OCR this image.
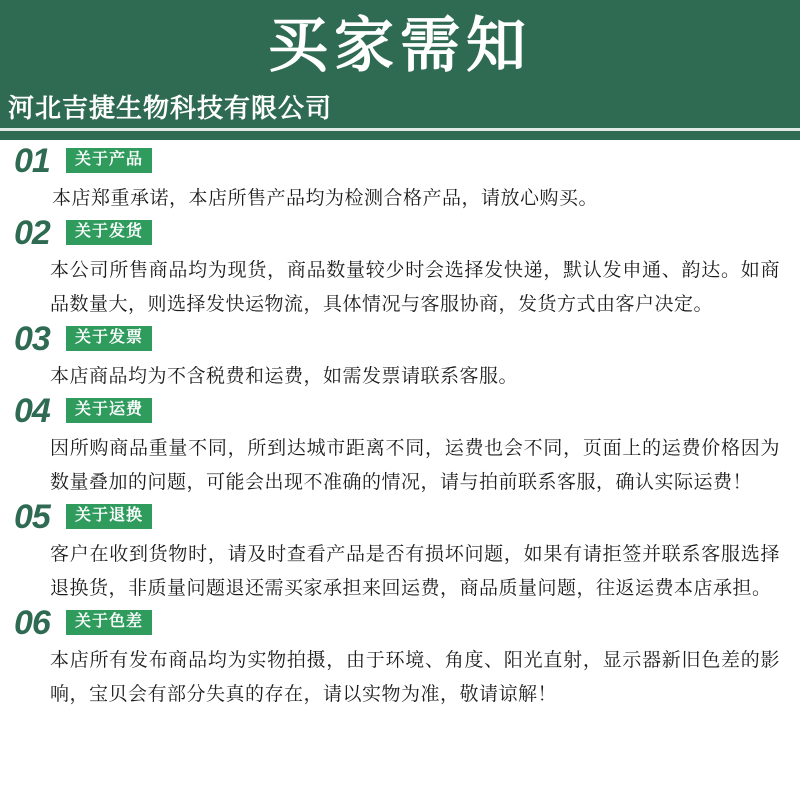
买家需知
河北吉捷生物科技有限公司
01	关于产品
本店郑重承诺，本店所售产品均为检测合格产品，请放心购买。
02	关于发货
本公司所售商品均为现货，商品数量较少时会选择发快递，默认发申通、韵达。如商品数量大，则选择发快运物流，具体情况与客服协商，发货方式由客户决定。
03	关于发票
本店商品均为不含税费和运费，如需发票请联系客服。
04	关于运费
因所购商品重量不同，所到达城市距离不同，运费也会不同，页面上的运费价格因为数量叠加的问题，可能会出现不准确的情况，请与拍前联系客服，确认实际运费！
05	关于退换
客户在收到货物时，请及时查看产品是否有损坏问题，如果有请拒签并联系客服选择退换货，非质量问题退还需买家承担来回运费，商品质量问题，往返运费本店承担。
06	关于色差
本店所有发布商品均为实物拍摄，由于环境、角度、阳光直射，显示器新旧色差的影响，宝贝会有部分失真的存在，请以实物为准，敬请谅解！
